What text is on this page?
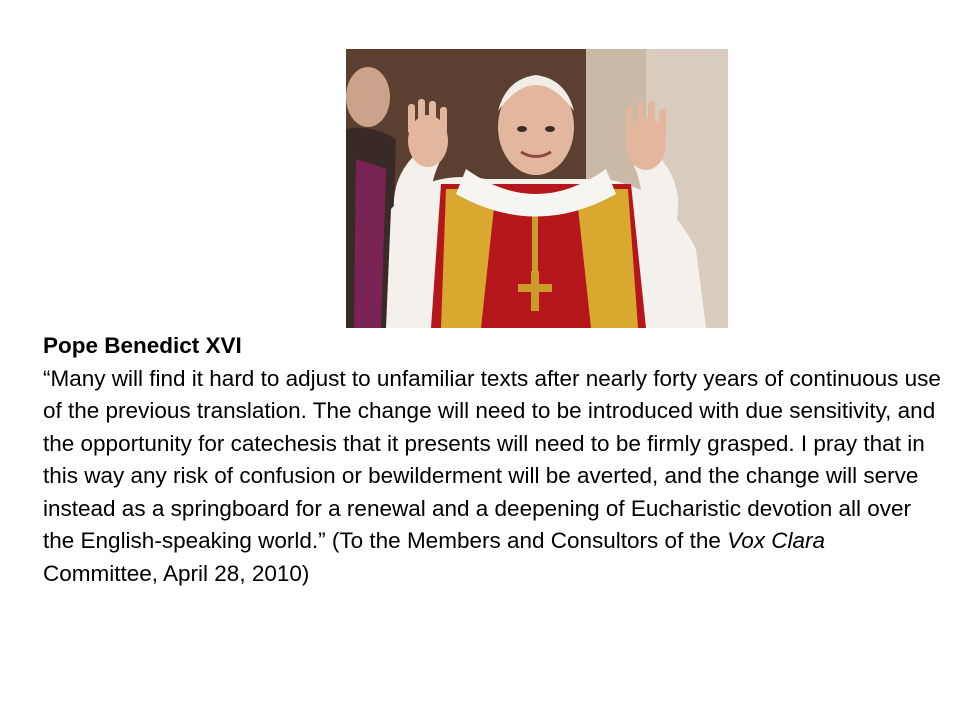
Pope Benedict XVI
“Many will find it hard to adjust to unfamiliar texts after nearly forty years of continuous use of the previous translation. The change will need to be introduced with due sensitivity, and the opportunity for catechesis that it presents will need to be firmly grasped. I pray that in this way any risk of confusion or bewilderment will be averted, and the change will serve instead as a springboard for a renewal and a deepening of Eucharistic devotion all over the English-speaking world.” (To the Members and Consultors of the Vox Clara Committee, April 28, 2010)
